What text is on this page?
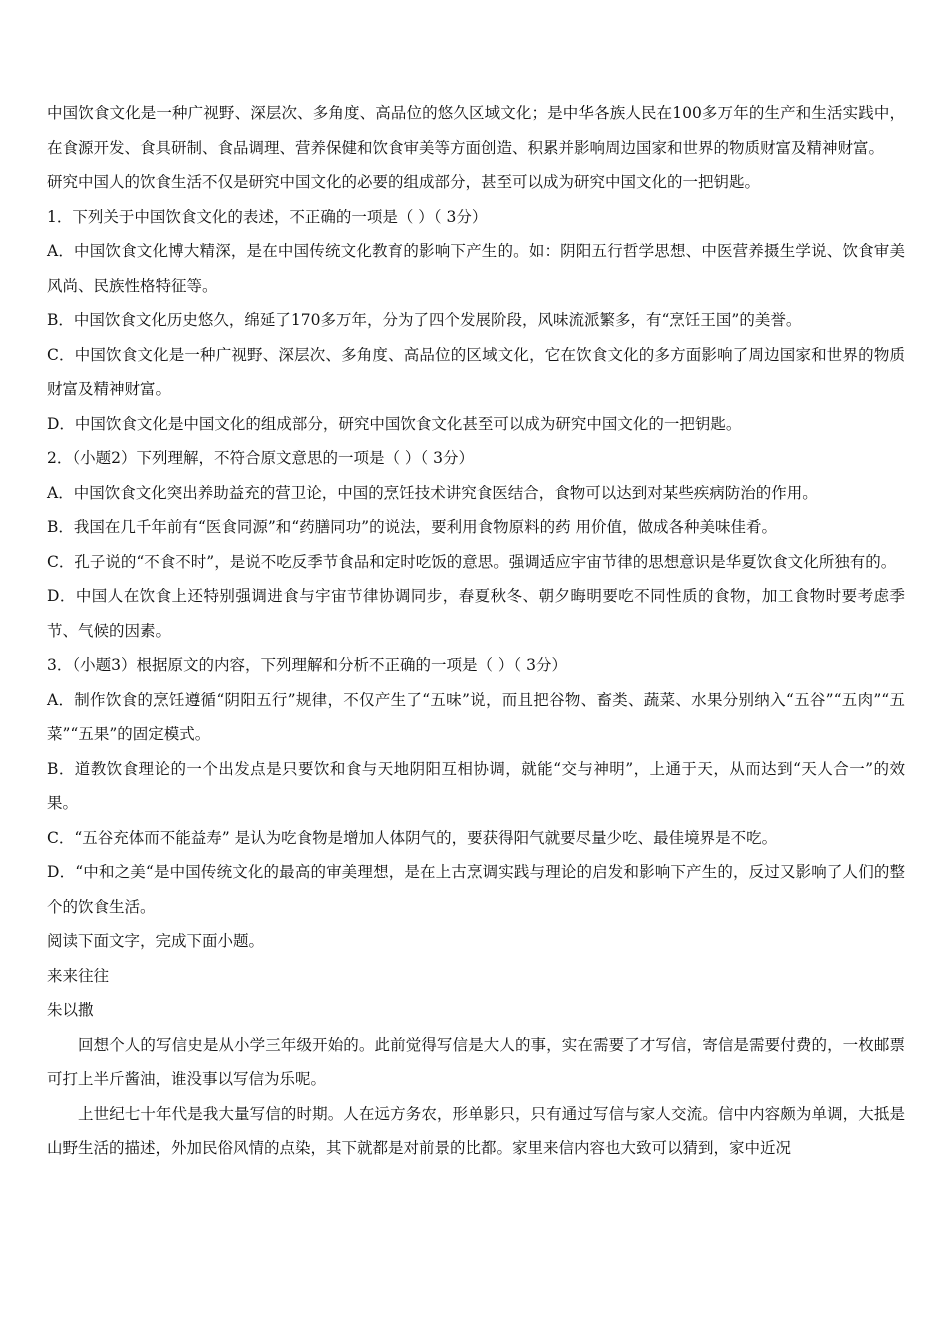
中国饮食文化是一种广视野、深层次、多角度、高品位的悠久区域文化；是中华各族人民在100多万年的生产和生活实践中，在食源开发、食具研制、食品调理、营养保健和饮食审美等方面创造、积累并影响周边国家和世界的物质财富及精神财富。

研究中国人的饮食生活不仅是研究中国文化的必要的组成部分，甚至可以成为研究中国文化的一把钥匙。

1．下列关于中国饮食文化的表述，不正确的一项是（ ）（ 3分）

A．中国饮食文化博大精深，是在中国传统文化教育的影响下产生的。如：阴阳五行哲学思想、中医营养摄生学说、饮食审美风尚、民族性格特征等。

B．中国饮食文化历史悠久，绵延了170多万年，分为了四个发展阶段，风味流派繁多，有“烹饪王国”的美誉。

C．中国饮食文化是一种广视野、深层次、多角度、高品位的区域文化，它在饮食文化的多方面影响了周边国家和世界的物质财富及精神财富。

D．中国饮食文化是中国文化的组成部分，研究中国饮食文化甚至可以成为研究中国文化的一把钥匙。

2．（小题2）下列理解，不符合原文意思的一项是（ ）（ 3分）

A．中国饮食文化突出养助益充的营卫论，中国的烹饪技术讲究食医结合，食物可以达到对某些疾病防治的作用。

B．我国在几千年前有“医食同源”和“药膳同功”的说法，要利用食物原料的药 用价值，做成各种美味佳肴。

C．孔子说的“不食不时”，是说不吃反季节食品和定时吃饭的意思。强调适应宇宙节律的思想意识是华夏饮食文化所独有的。

D．中国人在饮食上还特别强调进食与宇宙节律协调同步，春夏秋冬、朝夕晦明要吃不同性质的食物，加工食物时要考虑季节、气候的因素。

3．（小题3）根据原文的内容，下列理解和分析不正确的一项是（ ）（ 3分）

A．制作饮食的烹饪遵循“阴阳五行”规律，不仅产生了“五味”说，而且把谷物、畜类、蔬菜、水果分别纳入“五谷”“五肉”“五菜”“五果”的固定模式。

B．道教饮食理论的一个出发点是只要饮和食与天地阴阳互相协调，就能“交与神明”，上通于天，从而达到“天人合一”的效果。

C．“五谷充体而不能益寿” 是认为吃食物是增加人体阴气的，要获得阳气就要尽量少吃、最佳境界是不吃。

D．“中和之美“是中国传统文化的最高的审美理想，是在上古烹调实践与理论的启发和影响下产生的，反过又影响了人们的整个的饮食生活。

阅读下面文字，完成下面小题。

来来往往

朱以撒

回想个人的写信史是从小学三年级开始的。此前觉得写信是大人的事，实在需要了才写信，寄信是需要付费的，一枚邮票可打上半斤酱油，谁没事以写信为乐呢。

上世纪七十年代是我大量写信的时期。人在远方务农，形单影只，只有通过写信与家人交流。信中内容颇为单调，大抵是山野生活的描述，外加民俗风情的点染，其下就都是对前景的比都。家里来信内容也大致可以猜到，家中近况
